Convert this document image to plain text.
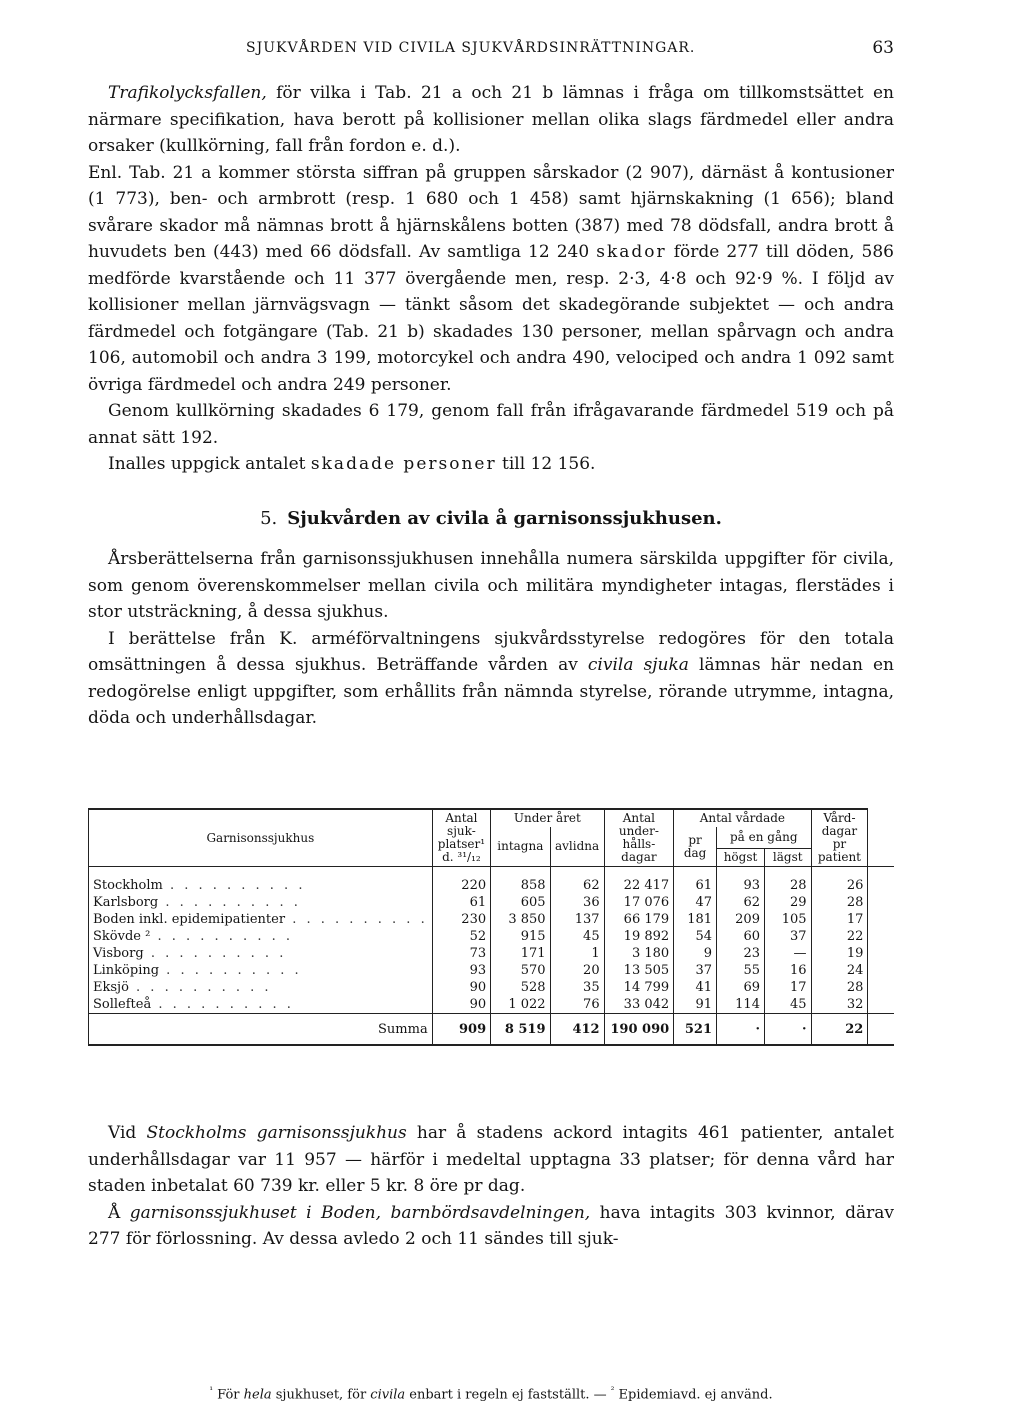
SJUKVÅRDEN VID CIVILA SJUKVÅRDSINRÄTTNINGAR.	63

Trafikolycksfallen, för vilka i Tab. 21 a och 21 b lämnas i fråga om tillkomstsättet en närmare specifikation, hava berott på kollisioner mellan olika slags färdmedel eller andra orsaker (kullkörning, fall från fordon e. d.).

Enl. Tab. 21 a kommer största siffran på gruppen sårskador (2 907), därnäst å kontusioner (1 773), ben- och armbrott (resp. 1 680 och 1 458) samt hjärnskakning (1 656); bland svårare skador må nämnas brott å hjärnskålens botten (387) med 78 dödsfall, andra brott å huvudets ben (443) med 66 dödsfall. Av samtliga 12 240 skador förde 277 till döden, 586 medförde kvarstående och 11 377 övergående men, resp. 2·3, 4·8 och 92·9 %. I följd av kollisioner mellan järnvägsvagn — tänkt såsom det skadegörande subjektet — och andra färdmedel och fotgängare (Tab. 21 b) skadades 130 personer, mellan spårvagn och andra 106, automobil och andra 3 199, motorcykel och andra 490, velociped och andra 1 092 samt övriga färdmedel och andra 249 personer.

Genom kullkörning skadades 6 179, genom fall från ifrågavarande färdmedel 519 och på annat sätt 192.

Inalles uppgick antalet skadade personer till 12 156.

5. Sjukvården av civila å garnisonssjukhusen.

Årsberättelserna från garnisonssjukhusen innehålla numera särskilda uppgifter för civila, som genom överenskommelser mellan civila och militära myndigheter intagas, flerstädes i stor utsträckning, å dessa sjukhus.

I berättelse från K. arméförvaltningens sjukvårdsstyrelse redogöres för den totala omsättningen å dessa sjukhus. Beträffande vården av civila sjuka lämnas här nedan en redogörelse enligt uppgifter, som erhållits från nämnda styrelse, rörande utrymme, intagna, döda och underhållsdagar.

Garnisonssjukhus	Antal sjuk-platser¹ d. ³¹/₁₂	Under året		Antal under-hålls-dagar	Antal vårdade			Vård-dagar pr patient	
		intagna	avlidna		pr dag	på en gång			
						högst	lägst		
Stockholm . . . . . . . . . .	220	858	62	22 417	61	93	28	26	
Karlsborg . . . . . . . . . .	61	605	36	17 076	47	62	29	28	
Boden inkl. epidemipatienter . . . . . . . . . .	230	3 850	137	66 179	181	209	105	17	
Skövde ² . . . . . . . . . .	52	915	45	19 892	54	60	37	22	
Visborg . . . . . . . . . .	73	171	1	3 180	9	23	—	19	
Linköping . . . . . . . . . .	93	570	20	13 505	37	55	16	24	
Eksjö . . . . . . . . . .	90	528	35	14 799	41	69	17	28	
Sollefteå . . . . . . . . . .	90	1 022	76	33 042	91	114	45	32	
Summa	909	8 519	412	190 090	521	·	·	22	

Vid Stockholms garnisonssjukhus har å stadens ackord intagits 461 patienter, antalet underhållsdagar var 11 957 — härför i medeltal upptagna 33 platser; för denna vård har staden inbetalat 60 739 kr. eller 5 kr. 8 öre pr dag.

Å garnisonssjukhuset i Boden, barnbördsavdelningen, hava intagits 303 kvinnor, därav 277 för förlossning. Av dessa avledo 2 och 11 sändes till sjuk-

$^{^1}$ För hela sjukhuset, för civila enbart i regeln ej fastställt. — $^{^2}$ Epidemiavd. ej använd.
